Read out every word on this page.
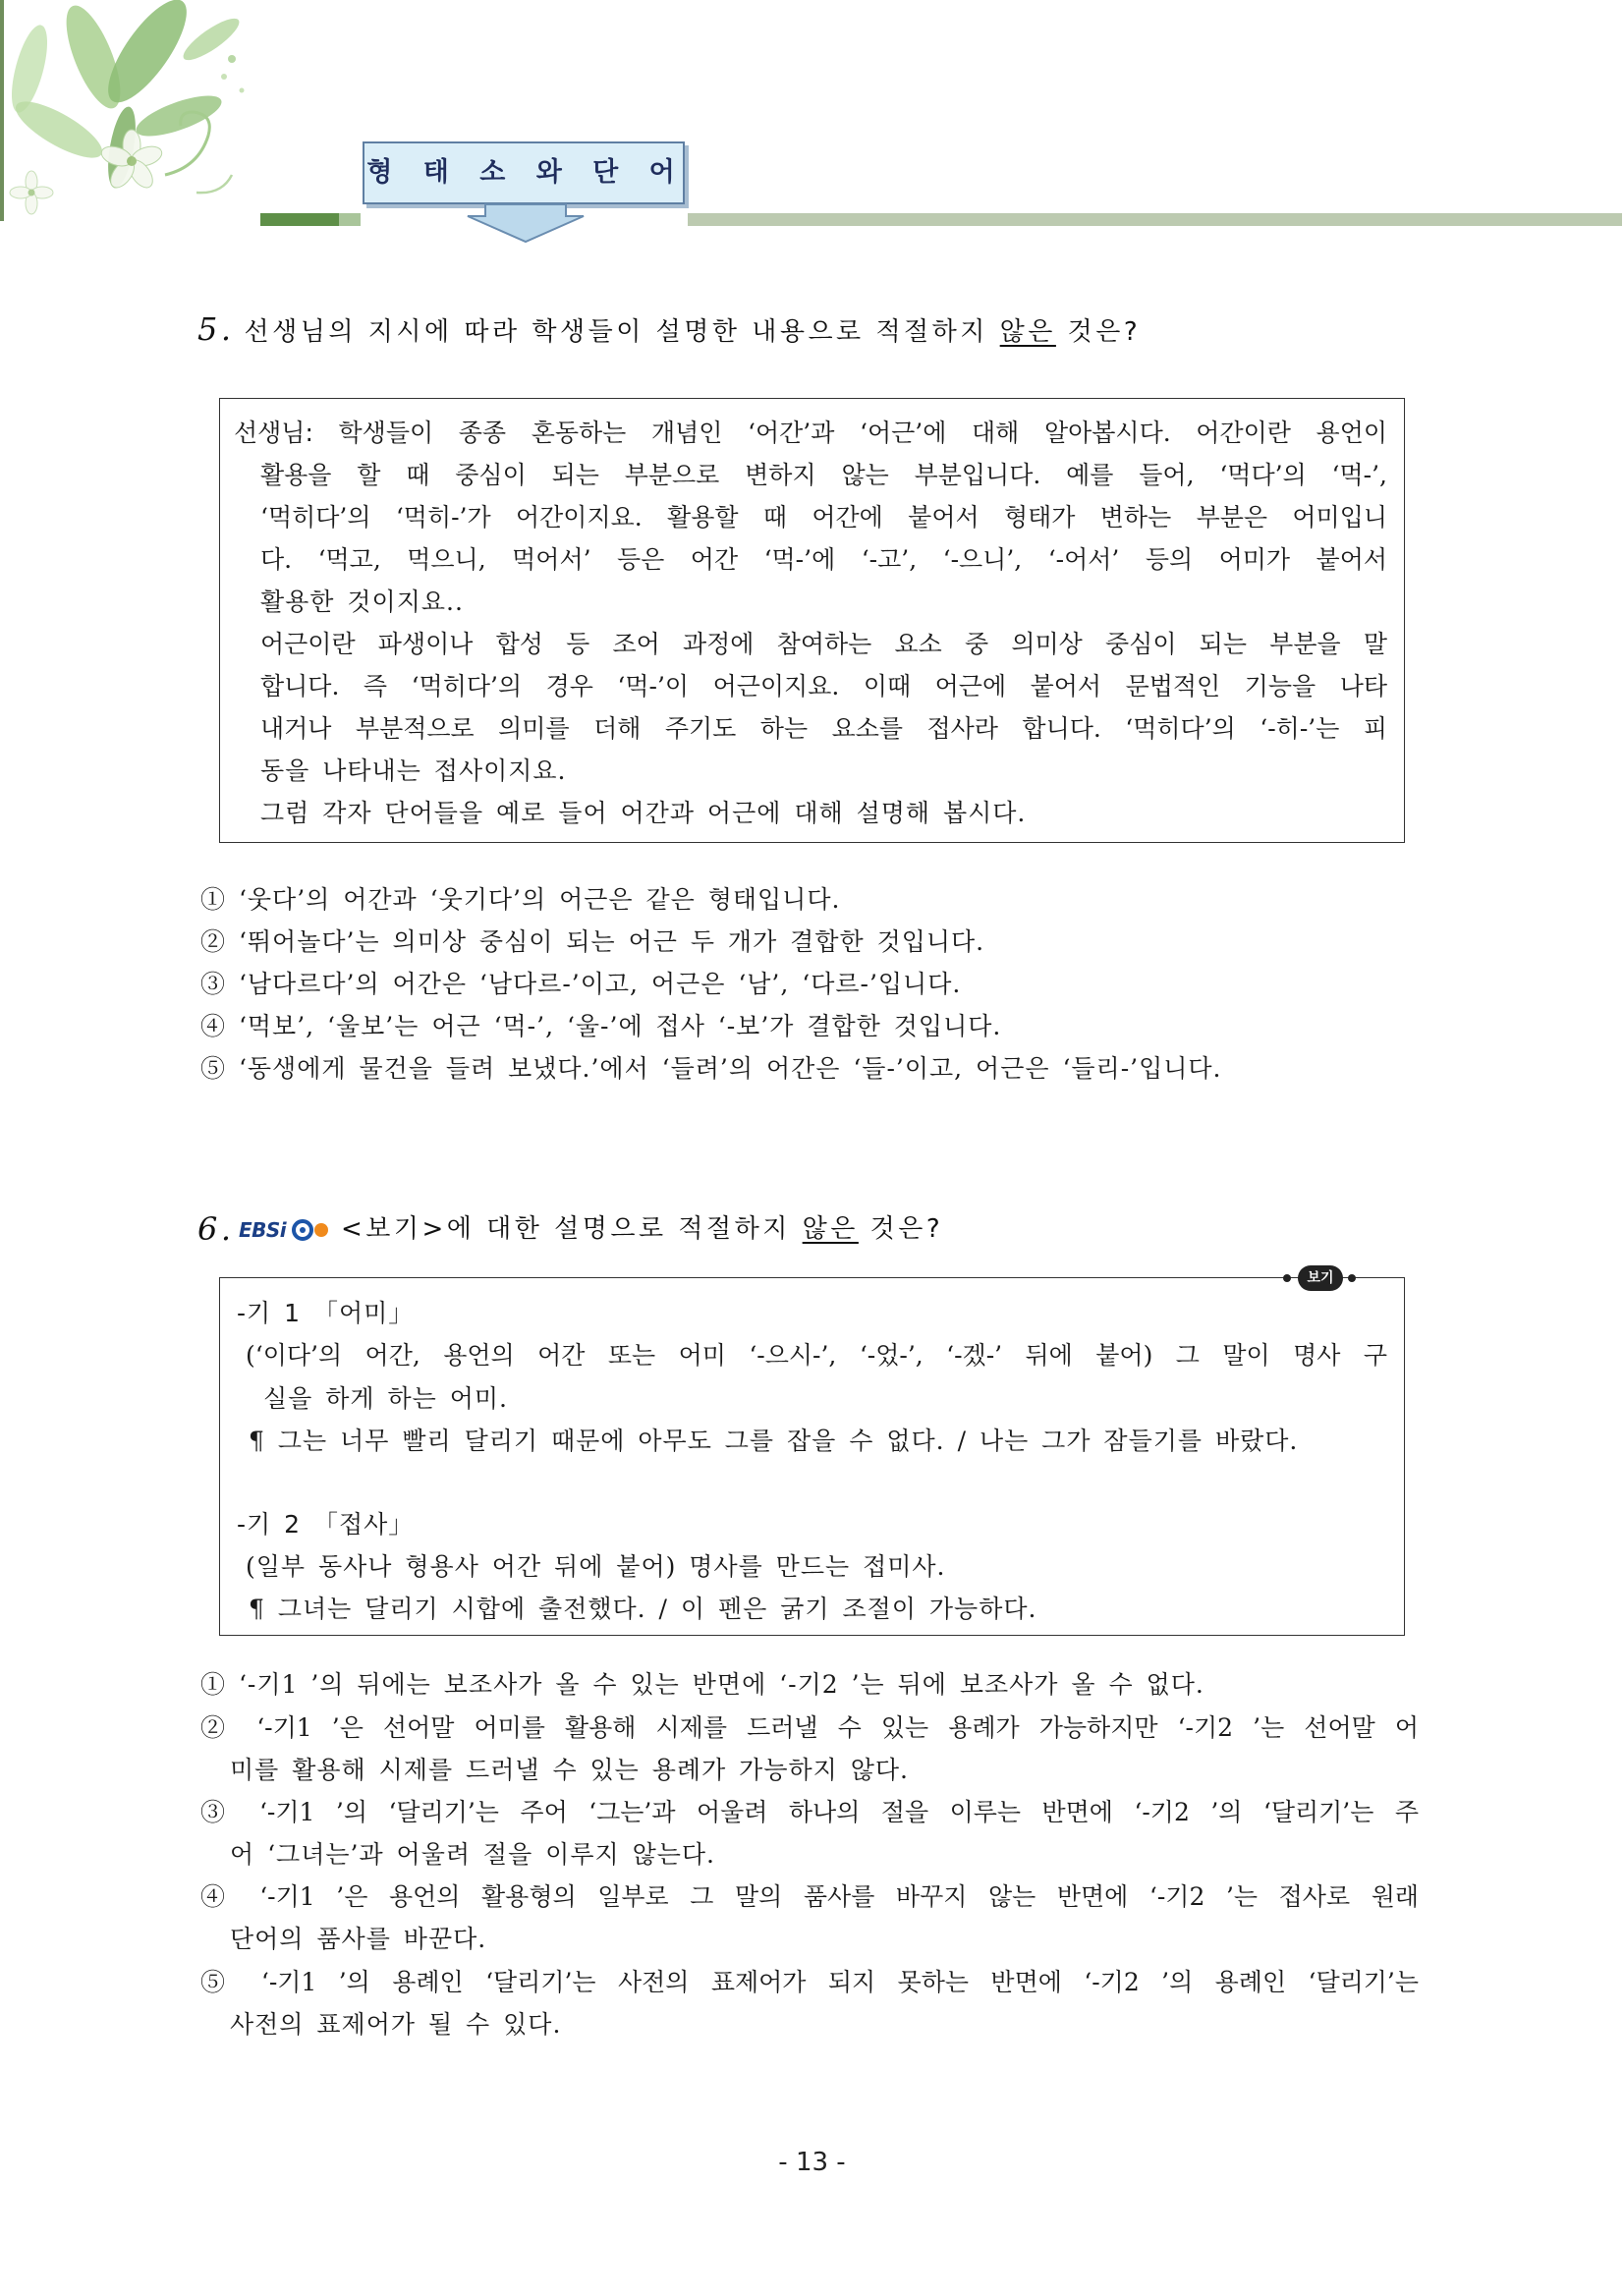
형 태 소 와 단 어
5. 선생님의 지시에 따라 학생들이 설명한 내용으로 적절하지 않은 것은?
선생님: 학생들이 종종 혼동하는 개념인 ‘어간’과 ‘어근’에 대해 알아봅시다. 어간이란 용언이
활용을 할 때 중심이 되는 부분으로 변하지 않는 부분입니다. 예를 들어, ‘먹다’의 ‘먹-’,
‘먹히다’의 ‘먹히-’가 어간이지요. 활용할 때 어간에 붙어서 형태가 변하는 부분은 어미입니
다. ‘먹고, 먹으니, 먹어서’ 등은 어간 ‘먹-’에 ‘-고’, ‘-으니’, ‘-어서’ 등의 어미가 붙어서
활용한 것이지요..
어근이란 파생이나 합성 등 조어 과정에 참여하는 요소 중 의미상 중심이 되는 부분을 말
합니다. 즉 ‘먹히다’의 경우 ‘먹-’이 어근이지요. 이때 어근에 붙어서 문법적인 기능을 나타
내거나 부분적으로 의미를 더해 주기도 하는 요소를 접사라 합니다. ‘먹히다’의 ‘-히-’는 피
동을 나타내는 접사이지요.
그럼 각자 단어들을 예로 들어 어간과 어근에 대해 설명해 봅시다.
① ‘웃다’의 어간과 ‘웃기다’의 어근은 같은 형태입니다.
② ‘뛰어놀다’는 의미상 중심이 되는 어근 두 개가 결합한 것입니다.
③ ‘남다르다’의 어간은 ‘남다르-’이고, 어근은 ‘남’, ‘다르-’입니다.
④ ‘먹보’, ‘울보’는 어근 ‘먹-’, ‘울-’에 접사 ‘-보’가 결합한 것입니다.
⑤ ‘동생에게 물건을 들려 보냈다.’에서 ‘들려’의 어간은 ‘들-’이고, 어근은 ‘들리-’입니다.
6. EBSi <보기>에 대한 설명으로 적절하지 않은 것은?
보기
-기 1 「어미」
(‘이다’의 어간, 용언의 어간 또는 어미 ‘-으시-’, ‘-었-’, ‘-겠-’ 뒤에 붙어) 그 말이 명사 구
실을 하게 하는 어미.
¶ 그는 너무 빨리 달리기 때문에 아무도 그를 잡을 수 없다. / 나는 그가 잠들기를 바랐다.
-기 2 「접사」
(일부 동사나 형용사 어간 뒤에 붙어) 명사를 만드는 접미사.
¶ 그녀는 달리기 시합에 출전했다. / 이 펜은 굵기 조절이 가능하다.
① ‘-기1 ’의 뒤에는 보조사가 올 수 있는 반면에 ‘-기2 ’는 뒤에 보조사가 올 수 없다.
② ‘-기1 ’은 선어말 어미를 활용해 시제를 드러낼 수 있는 용례가 가능하지만 ‘-기2 ’는 선어말 어
미를 활용해 시제를 드러낼 수 있는 용례가 가능하지 않다.
③ ‘-기1 ’의 ‘달리기’는 주어 ‘그는’과 어울려 하나의 절을 이루는 반면에 ‘-기2 ’의 ‘달리기’는 주
어 ‘그녀는’과 어울려 절을 이루지 않는다.
④ ‘-기1 ’은 용언의 활용형의 일부로 그 말의 품사를 바꾸지 않는 반면에 ‘-기2 ’는 접사로 원래
단어의 품사를 바꾼다.
⑤ ‘-기1 ’의 용례인 ‘달리기’는 사전의 표제어가 되지 못하는 반면에 ‘-기2 ’의 용례인 ‘달리기’는
사전의 표제어가 될 수 있다.
- 13 -
